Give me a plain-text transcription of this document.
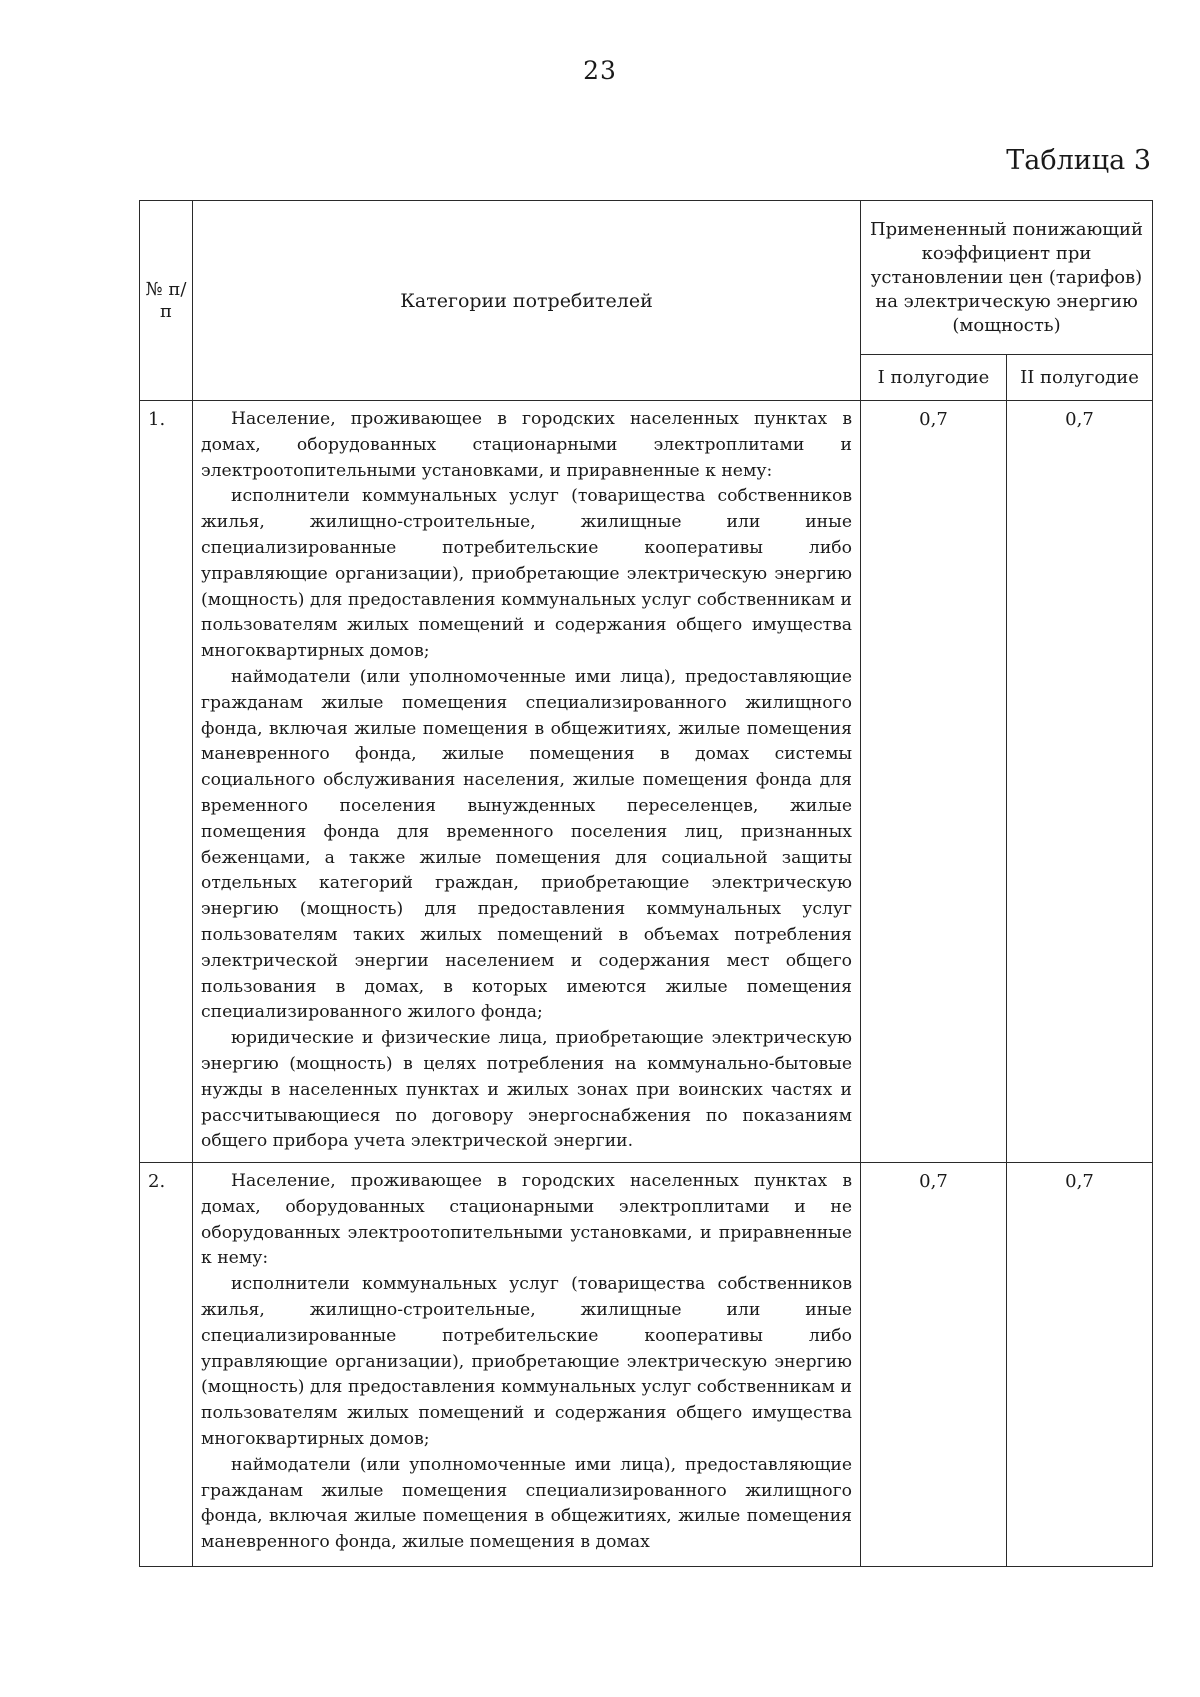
23
Таблица 3
№ п/п	Категории потребителей	Примененный понижающий коэффициент при установлении цен (тарифов) на электрическую энергию (мощность)	
		I полугодие	II полугодие
1.	Население, проживающее в городских населенных пунктах в домах, оборудованных стационарными электроплитами и электроотопительными установками, и приравненные к нему:

исполнители коммунальных услуг (товарищества собственников жилья, жилищно-строительные, жилищные или иные специализированные потребительские кооперативы либо управляющие организации), приобретающие электрическую энергию (мощность) для предоставления коммунальных услуг собственникам и пользователям жилых помещений и содержания общего имущества многоквартирных домов;

наймодатели (или уполномоченные ими лица), предоставляющие гражданам жилые помещения специализированного жилищного фонда, включая жилые помещения в общежитиях, жилые помещения маневренного фонда, жилые помещения в домах системы социального обслуживания населения, жилые помещения фонда для временного поселения вынужденных переселенцев, жилые помещения фонда для временного поселения лиц, признанных беженцами, а также жилые помещения для социальной защиты отдельных категорий граждан, приобретающие электрическую энергию (мощность) для предоставления коммунальных услуг пользователям таких жилых помещений в объемах потребления электрической энергии населением и содержания мест общего пользования в домах, в которых имеются жилые помещения специализированного жилого фонда;

юридические и физические лица, приобретающие электрическую энергию (мощность) в целях потребления на коммунально-бытовые нужды в населенных пунктах и жилых зонах при воинских частях и рассчитывающиеся по договору энергоснабжения по показаниям общего прибора учета электрической энергии.	0,7	0,7
2.	Население, проживающее в городских населенных пунктах в домах, оборудованных стационарными электроплитами и не оборудованных электроотопительными установками, и приравненные к нему:

исполнители коммунальных услуг (товарищества собственников жилья, жилищно-строительные, жилищные или иные специализированные потребительские кооперативы либо управляющие организации), приобретающие электрическую энергию (мощность) для предоставления коммунальных услуг собственникам и пользователям жилых помещений и содержания общего имущества многоквартирных домов;

наймодатели (или уполномоченные ими лица), предоставляющие гражданам жилые помещения специализированного жилищного фонда, включая жилые помещения в общежитиях, жилые помещения маневренного фонда, жилые помещения в домах	0,7	0,7
